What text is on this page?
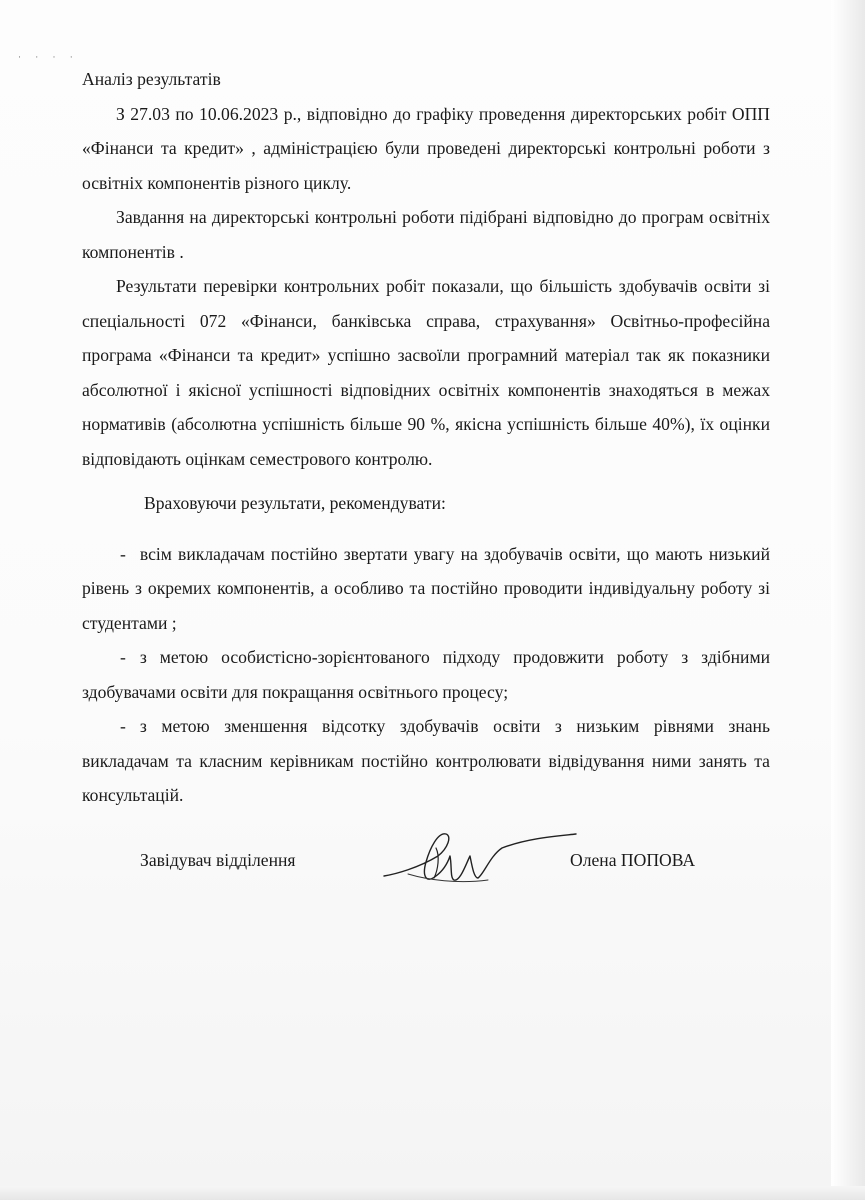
· · · ·
Аналіз результатів

З 27.03 по 10.06.2023 р., відповідно до графіку проведення директорських робіт ОПП «Фінанси та кредит» , адміністрацією були проведені директорські контрольні роботи з освітніх компонентів різного циклу.

Завдання на директорські контрольні роботи підібрані відповідно до програм освітніх компонентів .

Результати перевірки контрольних робіт показали, що більшість здобувачів освіти зі спеціальності 072 «Фінанси, банківська справа, страхування» Освітньо-професійна програма «Фінанси та кредит» успішно засвоїли програмний матеріал так як показники абсолютної і якісної успішності відповідних освітніх компонентів знаходяться в межах нормативів (абсолютна успішність більше 90 %, якісна успішність більше 40%), їх оцінки відповідають оцінкам семестрового контролю.

Враховуючи результати, рекомендувати:

- всім викладачам постійно звертати увагу на здобувачів освіти, що мають низький рівень з окремих компонентів, а особливо та постійно проводити індивідуальну роботу зі студентами ;
- з метою особистісно-зорієнтованого підходу продовжити роботу з здібними здобувачами освіти для покращання освітнього процесу;
- з метою зменшення відсотку здобувачів освіти з низьким рівнями знань викладачам та класним керівникам постійно контролювати відвідування ними занять та консультацій.
Завідувач відділення	Олена ПОПОВА
